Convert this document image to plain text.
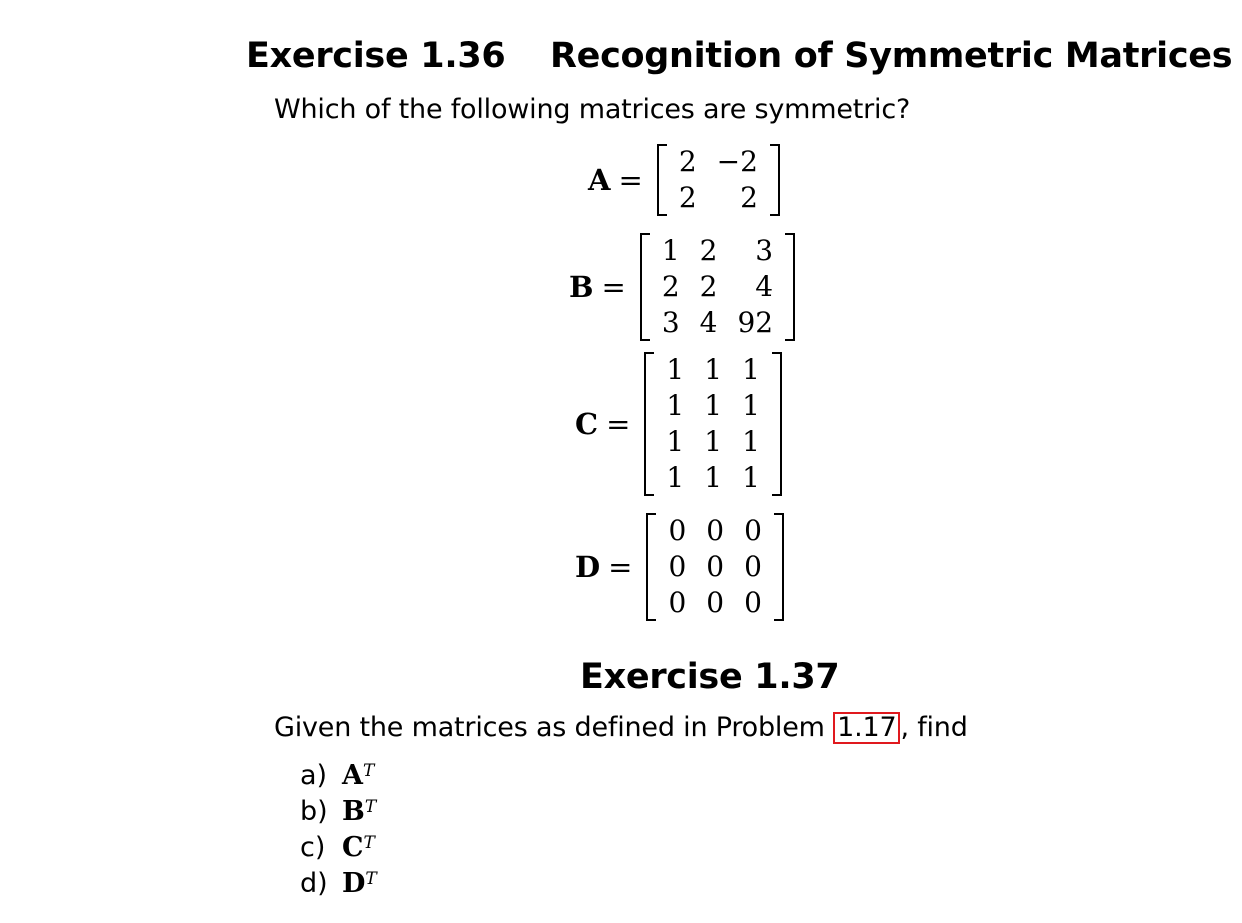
Exercise 1.36 Recognition of Symmetric Matrices
Which of the following matrices are symmetric?
A =
2	−2
2	2
B =
1	2	3
2	2	4
3	4	92
C =
1	1	1
1	1	1
1	1	1
1	1	1
D =
0	0	0
0	0	0
0	0	0
Exercise 1.37
Given the matrices as defined in Problem 1.17 , find
a) $A^T$
b) $B^T$
c) $C^T$
d) $D^T$
